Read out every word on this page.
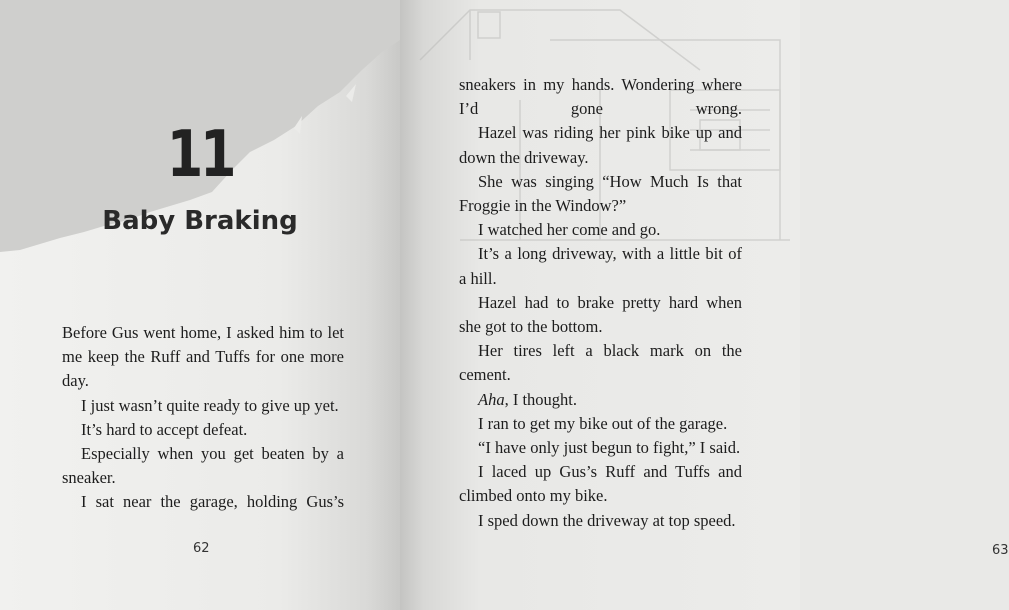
11
Baby Braking

Before Gus went home, I asked him to let me keep the Ruff and Tuffs for one more day.

I just wasn’t quite ready to give up yet.

It’s hard to accept defeat.

Especially when you get beaten by a sneaker.

I sat near the garage, holding Gus’s

62

sneakers in my hands. Wondering where I’d gone wrong.

Hazel was riding her pink bike up and down the driveway.

She was singing “How Much Is that Froggie in the Window?”

I watched her come and go.

It’s a long driveway, with a little bit of a hill.

Hazel had to brake pretty hard when she got to the bottom.

Her tires left a black mark on the cement.

Aha, I thought.

I ran to get my bike out of the garage.

“I have only just begun to fight,” I said.

I laced up Gus’s Ruff and Tuffs and climbed onto my bike.

I sped down the driveway at top speed.

63
